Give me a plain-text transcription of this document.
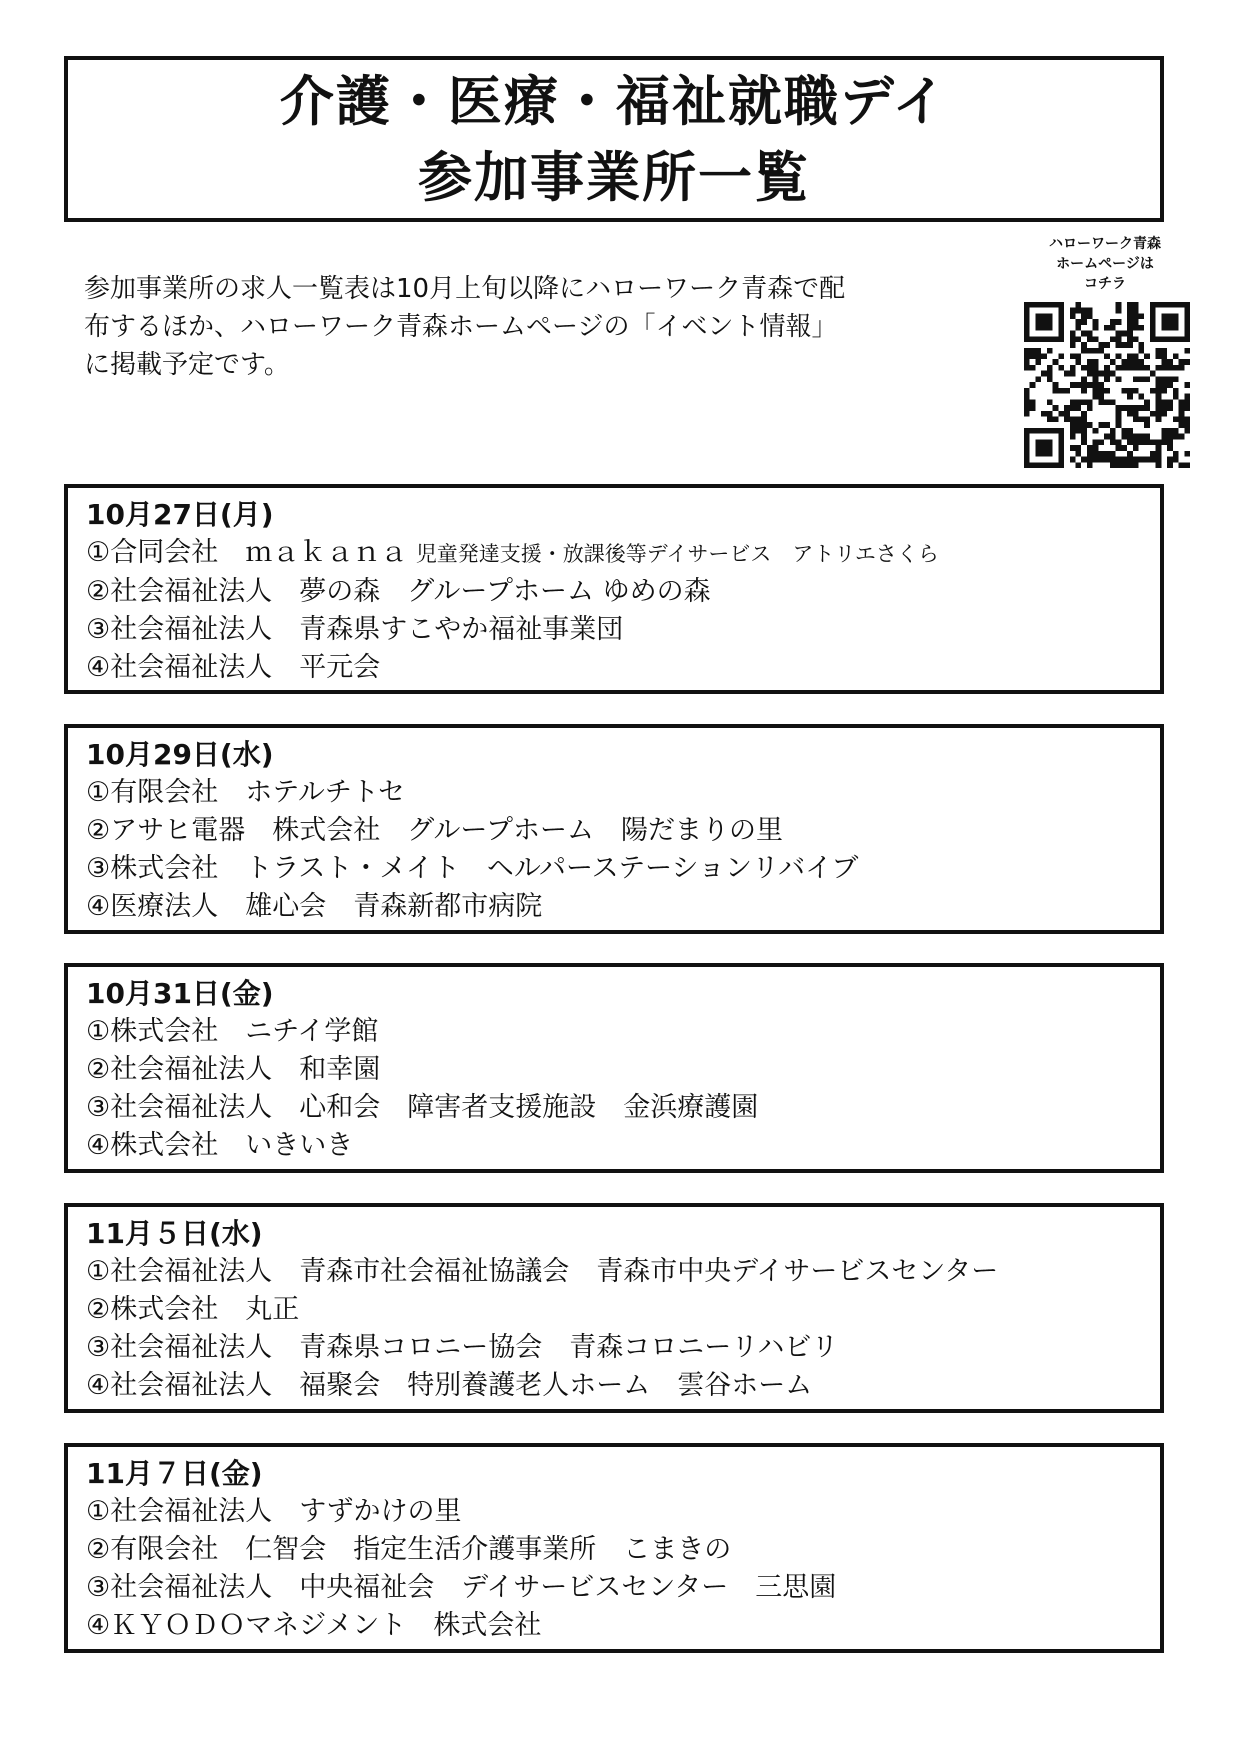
介護・医療・福祉就職デイ
参加事業所一覧
参加事業所の求人一覧表は10月上旬以降にハローワーク青森で配
布するほか、ハローワーク青森ホームページの「イベント情報」
に掲載予定です。
ハローワーク青森
ホームページは
コチラ
10月27日(月)
①合同会社　ｍａｋａｎａ 児童発達支援・放課後等デイサービス　アトリエさくら
②社会福祉法人　夢の森　グループホーム ゆめの森
③社会福祉法人　青森県すこやか福祉事業団
④社会福祉法人　平元会
10月29日(水)
①有限会社　ホテルチトセ
②アサヒ電器　株式会社　グループホーム　陽だまりの里
③株式会社　トラスト・メイト　ヘルパーステーションリバイブ
④医療法人　雄心会　青森新都市病院
10月31日(金)
①株式会社　ニチイ学館
②社会福祉法人　和幸園
③社会福祉法人　心和会　障害者支援施設　金浜療護園
④株式会社　いきいき
11月５日(水)
①社会福祉法人　青森市社会福祉協議会　青森市中央デイサービスセンター
②株式会社　丸正
③社会福祉法人　青森県コロニー協会　青森コロニーリハビリ
④社会福祉法人　福聚会　特別養護老人ホーム　雲谷ホーム
11月７日(金)
①社会福祉法人　すずかけの里
②有限会社　仁智会　指定生活介護事業所　こまきの
③社会福祉法人　中央福祉会　デイサービスセンター　三思園
④ＫＹＯＤＯマネジメント　株式会社
